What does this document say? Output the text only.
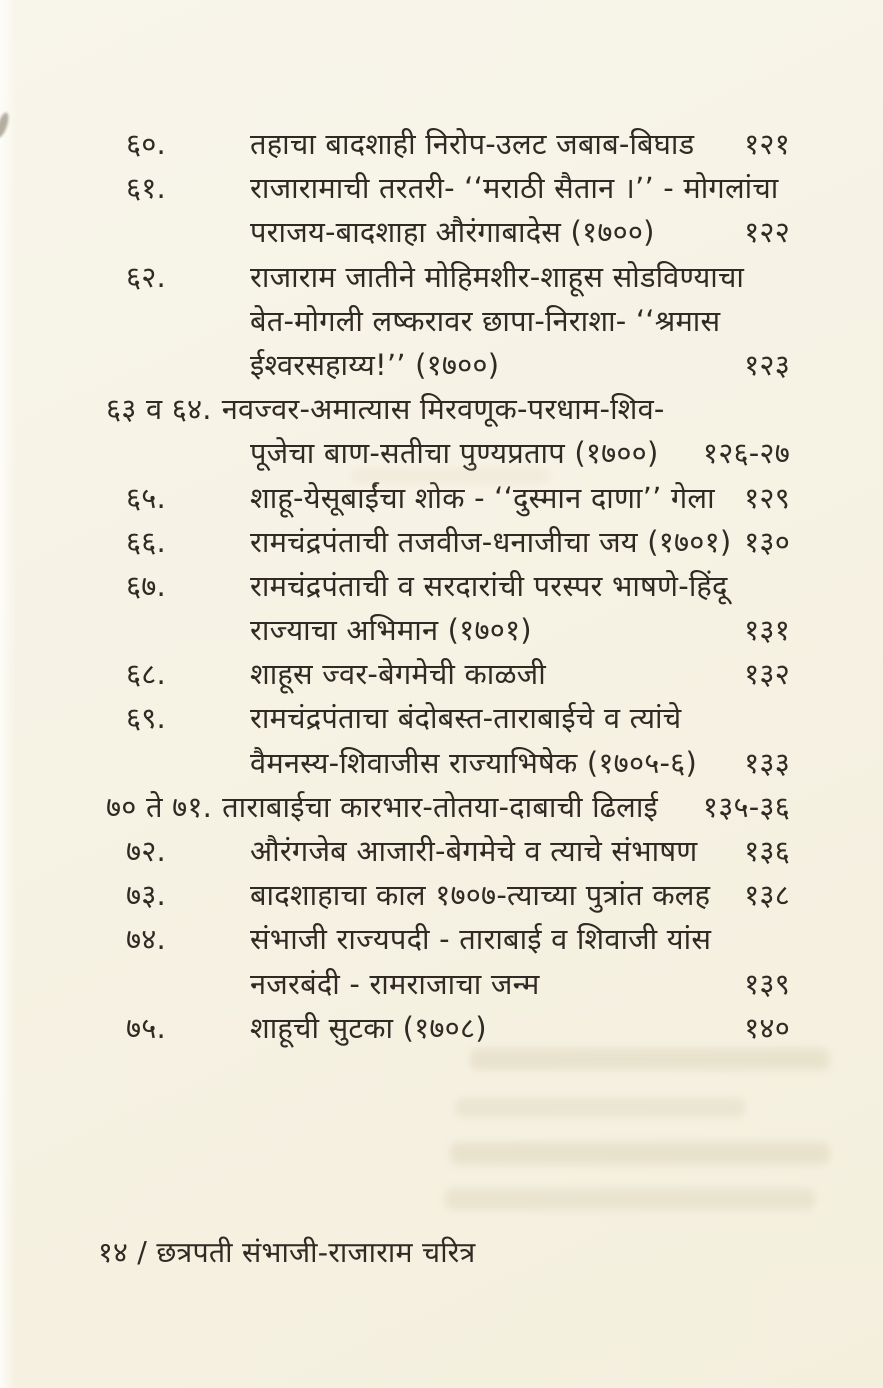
६०.	तहाचा बादशाही निरोप-उलट जबाब-बिघाड	१२१
६१.	राजारामाची तरतरी- ‘‘मराठी सैतान ।’’ - मोगलांचा
पराजय-बादशाहा औरंगाबादेस (१७००)	१२२
६२.	राजाराम जातीने मोहिमशीर-शाहूस सोडविण्याचा
बेत-मोगली लष्करावर छापा-निराशा- ‘‘श्रमास
ईश्वरसहाय्य!’’ (१७००)	१२३
६३ व ६४. नवज्वर-अमात्यास मिरवणूक-परधाम-शिव-
पूजेचा बाण-सतीचा पुण्यप्रताप (१७००)	१२६-२७
६५.	शाहू-येसूबाईंचा शोक - ‘‘दुस्मान दाणा’’ गेला	१२९
६६.	रामचंद्रपंताची तजवीज-धनाजीचा जय (१७०१) १३०
६७.	रामचंद्रपंताची व सरदारांची परस्पर भाषणे-हिंदू
राज्याचा अभिमान (१७०१)	१३१
६८.	शाहूस ज्वर-बेगमेची काळजी	१३२
६९.	रामचंद्रपंताचा बंदोबस्त-ताराबाईचे व त्यांचे
वैमनस्य-शिवाजीस राज्याभिषेक (१७०५-६)	१३३
७० ते ७१. ताराबाईचा कारभार-तोतया-दाबाची ढिलाई	१३५-३६
७२.	औरंगजेब आजारी-बेगमेचे व त्याचे संभाषण	१३६
७३.	बादशाहाचा काल १७०७-त्याच्या पुत्रांत कलह	१३८
७४.	संभाजी राज्यपदी - ताराबाई व शिवाजी यांस
नजरबंदी - रामराजाचा जन्म	१३९
७५.	शाहूची सुटका (१७०८)	१४०
१४ / छत्रपती संभाजी-राजाराम चरित्र
